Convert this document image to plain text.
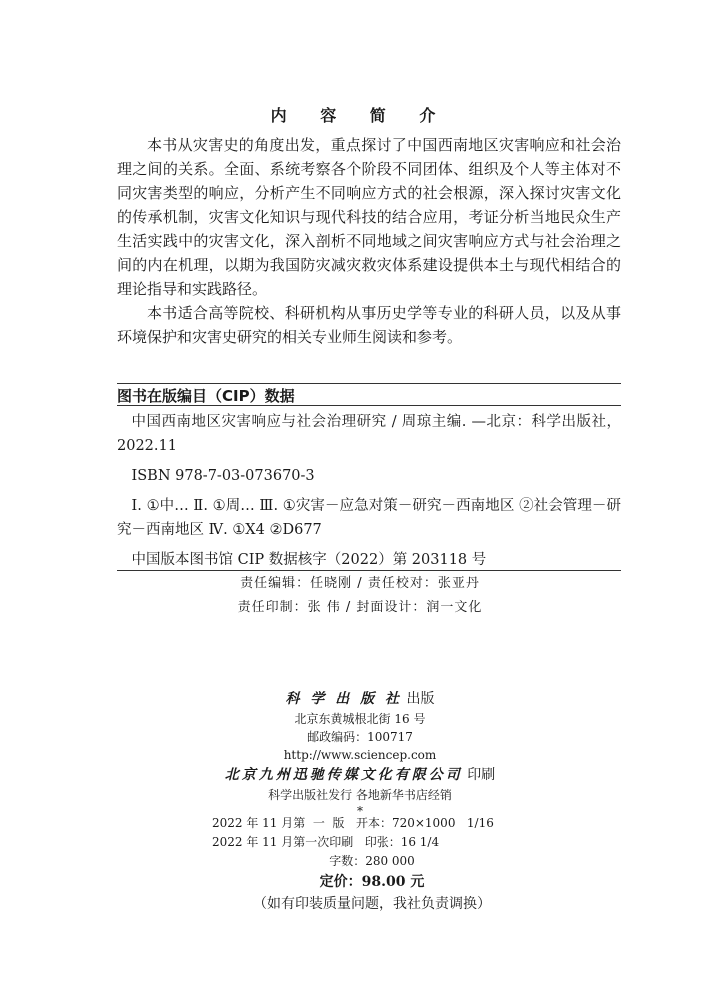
内 容 简 介

本书从灾害史的角度出发，重点探讨了中国西南地区灾害响应和社会治理之间的关系。全面、系统考察各个阶段不同团体、组织及个人等主体对不同灾害类型的响应，分析产生不同响应方式的社会根源，深入探讨灾害文化的传承机制，灾害文化知识与现代科技的结合应用，考证分析当地民众生产生活实践中的灾害文化，深入剖析不同地域之间灾害响应方式与社会治理之间的内在机理，以期为我国防灾减灾救灾体系建设提供本土与现代相结合的理论指导和实践路径。

本书适合高等院校、科研机构从事历史学等专业的科研人员，以及从事环境保护和灾害史研究的相关专业师生阅读和参考。

图书在版编目（CIP）数据

中国西南地区灾害响应与社会治理研究 / 周琼主编. —北京：科学出版社，2022.11

ISBN 978-7-03-073670-3

Ⅰ. ①中… Ⅱ. ①周… Ⅲ. ①灾害－应急对策－研究－西南地区 ②社会管理－研究－西南地区 Ⅳ. ①X4 ②D677

中国版本图书馆 CIP 数据核字（2022）第 203118 号

责任编辑：任晓刚 / 责任校对：张亚丹
责任印制：张 伟 / 封面设计：润一文化
科 学 出 版 社 出版
北京东黄城根北街 16 号
邮政编码：100717
http://www.sciencep.com
北京九州迅驰传媒文化有限公司 印刷
科学出版社发行 各地新华书店经销
*
2022 年 11 月第  一  版   开本：720×1000   1/16
2022 年 11 月第一次印刷   印张：16 1/4
字数：280 000
定价：98.00 元
（如有印装质量问题，我社负责调换）
